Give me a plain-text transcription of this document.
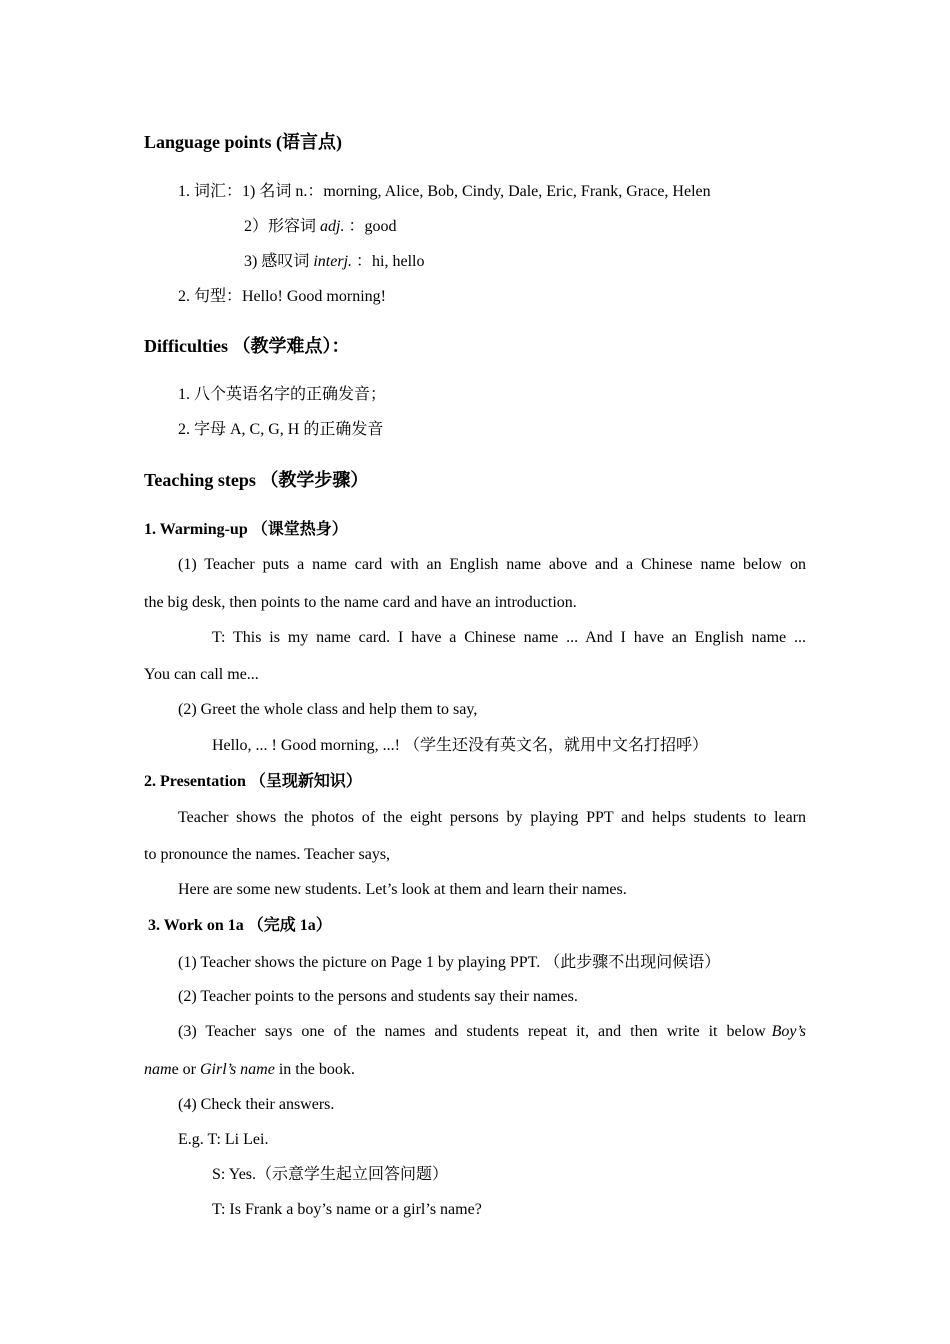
Language points (语言点)
1. 词汇：1) 名词 n.：morning, Alice, Bob, Cindy, Dale, Eric, Frank, Grace, Helen
2）形容词 adj. ：good
3) 感叹词 interj. ：hi, hello
2. 句型：Hello! Good morning!
Difficulties （教学难点）：
1. 八个英语名字的正确发音；
2. 字母 A, C, G, H 的正确发音
Teaching steps （教学步骤）
1. Warming-up （课堂热身）
(1) Teacher puts a name card with an English name above and a Chinese name below on
the big desk, then points to the name card and have an introduction.
T: This is my name card. I have a Chinese name ... And I have an English name ...
You can call me...
(2) Greet the whole class and help them to say,
Hello, ... ! Good morning, ...! （学生还没有英文名，就用中文名打招呼）
2. Presentation （呈现新知识）
Teacher shows the photos of the eight persons by playing PPT and helps students to learn
to pronounce the names. Teacher says,
Here are some new students. Let’s look at them and learn their names.
3. Work on 1a （完成 1a）
(1) Teacher shows the picture on Page 1 by playing PPT. （此步骤不出现问候语）
(2) Teacher points to the persons and students say their names.
(3) Teacher says one of the names and students repeat it, and then write it below Boy’s
name or Girl’s name in the book.
(4) Check their answers.
E.g. T: Li Lei.
S: Yes.（示意学生起立回答问题）
T: Is Frank a boy’s name or a girl’s name?
